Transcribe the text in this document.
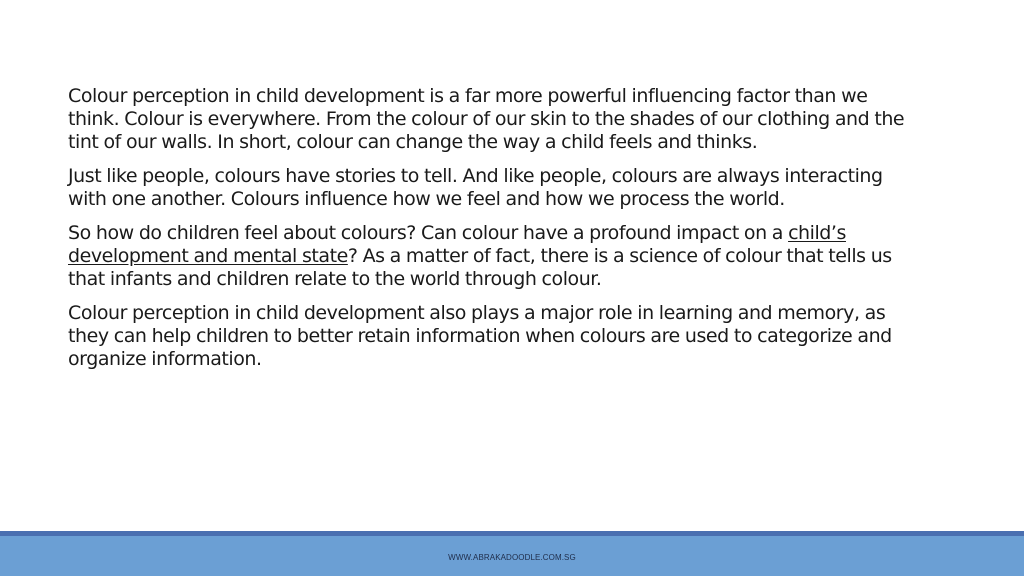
Colour perception in child development is a far more powerful influencing factor than we think. Colour is everywhere. From the colour of our skin to the shades of our clothing and the tint of our walls. In short, colour can change the way a child feels and thinks.

Just like people, colours have stories to tell. And like people, colours are always interacting with one another. Colours influence how we feel and how we process the world.

So how do children feel about colours? Can colour have a profound impact on a child’s development and mental state? As a matter of fact, there is a science of colour that tells us that infants and children relate to the world through colour.

Colour perception in child development also plays a major role in learning and memory, as they can help children to better retain information when colours are used to categorize and organize information.

WWW.ABRAKADOODLE.COM.SG
